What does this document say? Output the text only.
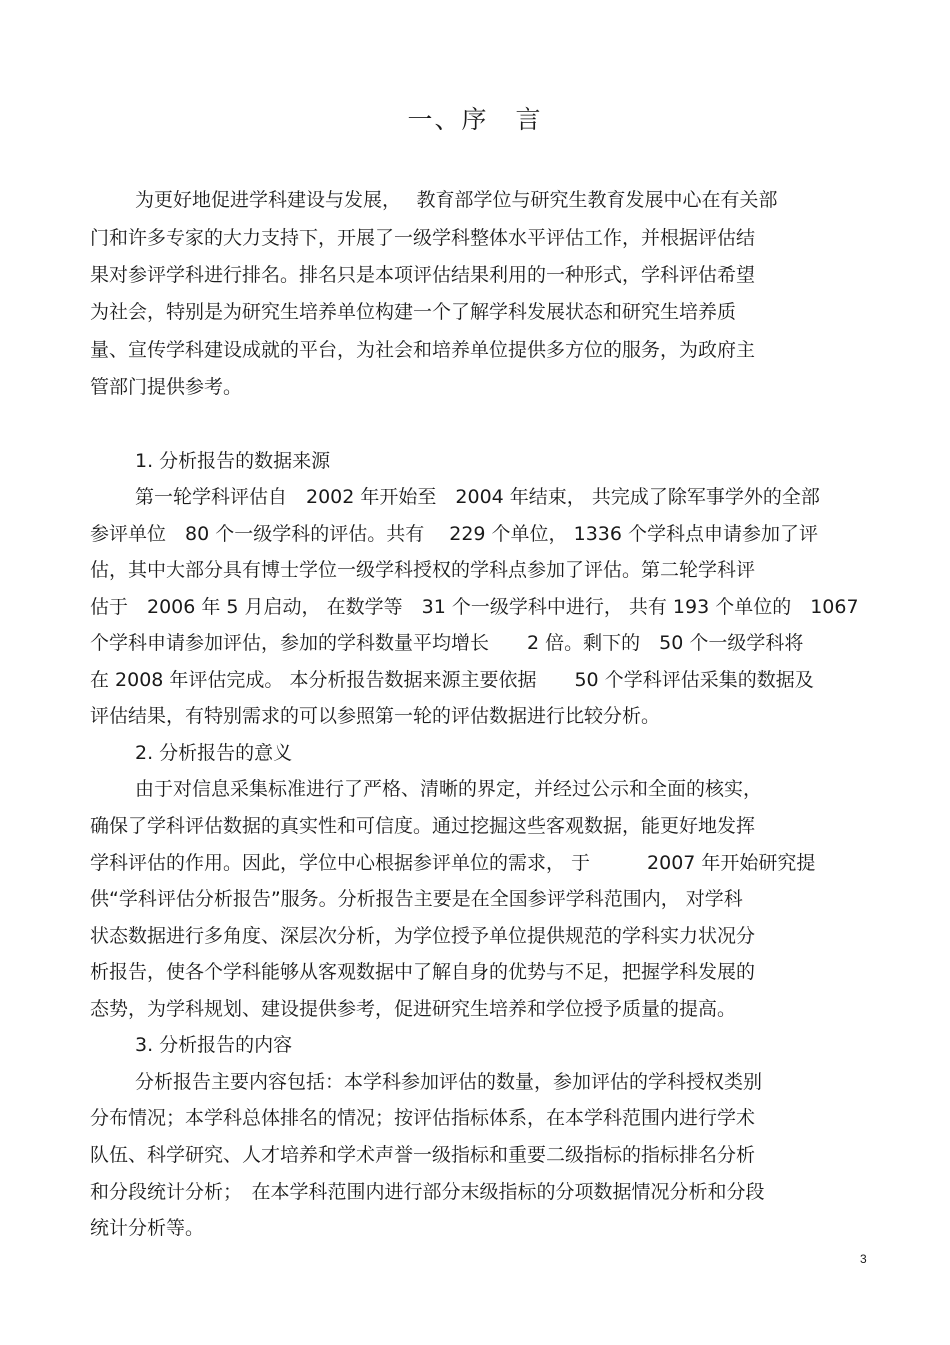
一、序　言
为更好地促进学科建设与发展，　 教育部学位与研究生教育发展中心在有关部
门和许多专家的大力支持下，开展了一级学科整体水平评估工作，并根据评估结
果对参评学科进行排名。排名只是本项评估结果利用的一种形式，学科评估希望
为社会，特别是为研究生培养单位构建一个了解学科发展状态和研究生培养质
量、宣传学科建设成就的平台，为社会和培养单位提供多方位的服务，为政府主
管部门提供参考。
1. 分析报告的数据来源
第一轮学科评估自　2002 年开始至　2004 年结束， 共完成了除军事学外的全部
参评单位　80 个一级学科的评估。共有　 229 个单位， 1336 个学科点申请参加了评
估，其中大部分具有博士学位一级学科授权的学科点参加了评估。第二轮学科评
估于　2006 年 5 月启动， 在数学等　31 个一级学科中进行， 共有 193 个单位的　1067
个学科申请参加评估，参加的学科数量平均增长　　2 倍。剩下的　50 个一级学科将
在 2008 年评估完成。 本分析报告数据来源主要依据　　50 个学科评估采集的数据及
评估结果，有特别需求的可以参照第一轮的评估数据进行比较分析。
2. 分析报告的意义
由于对信息采集标准进行了严格、清晰的界定，并经过公示和全面的核实，
确保了学科评估数据的真实性和可信度。通过挖掘这些客观数据，能更好地发挥
学科评估的作用。因此，学位中心根据参评单位的需求， 于　　　2007 年开始研究提
供“学科评估分析报告”服务。分析报告主要是在全国参评学科范围内， 对学科
状态数据进行多角度、深层次分析，为学位授予单位提供规范的学科实力状况分
析报告，使各个学科能够从客观数据中了解自身的优势与不足，把握学科发展的
态势，为学科规划、建设提供参考，促进研究生培养和学位授予质量的提高。
3. 分析报告的内容
分析报告主要内容包括：本学科参加评估的数量，参加评估的学科授权类别
分布情况；本学科总体排名的情况；按评估指标体系，在本学科范围内进行学术
队伍、科学研究、人才培养和学术声誉一级指标和重要二级指标的指标排名分析
和分段统计分析；　在本学科范围内进行部分末级指标的分项数据情况分析和分段
统计分析等。
3
